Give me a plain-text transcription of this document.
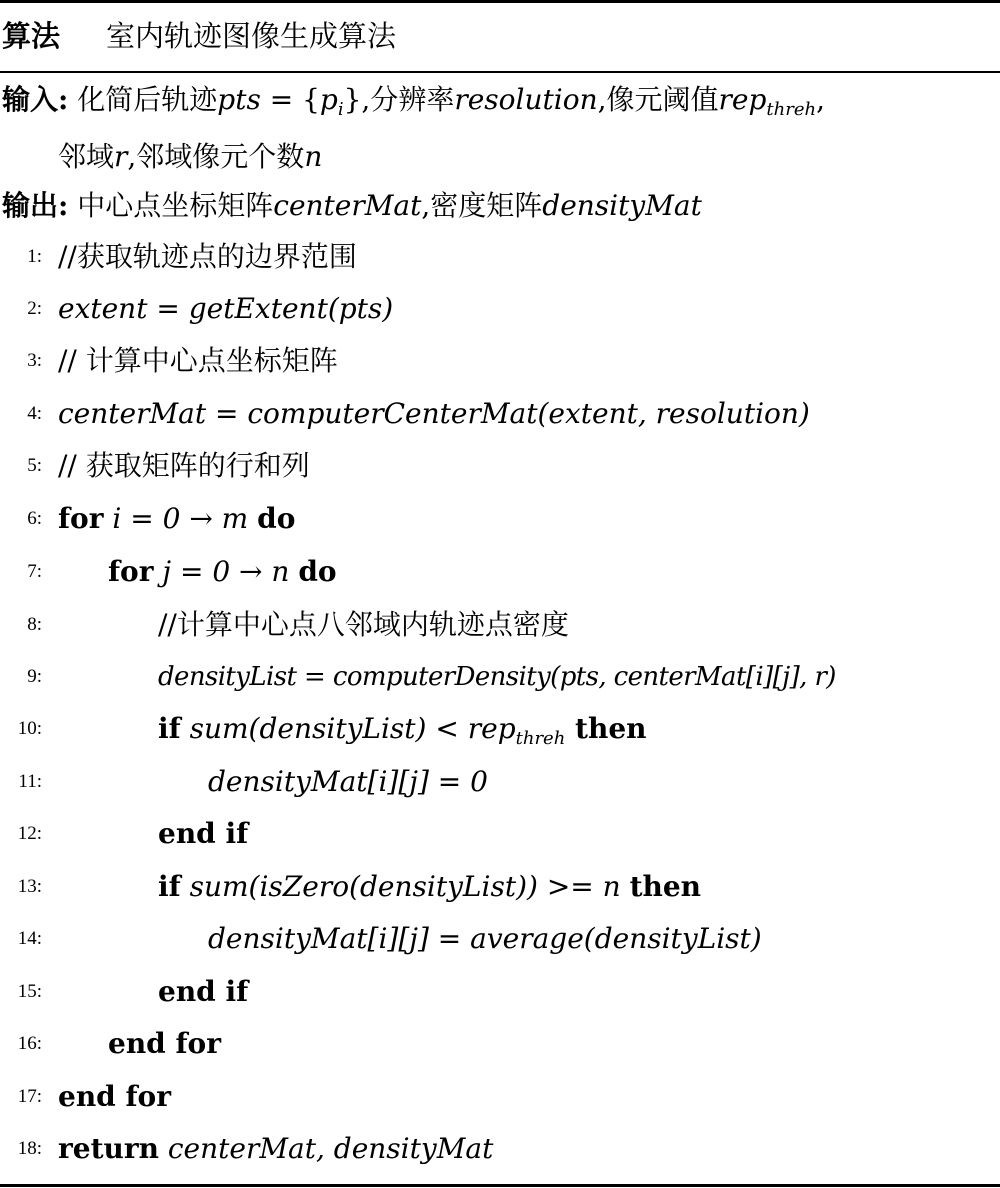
算法 室内轨迹图像生成算法
输入: 化简后轨迹pts = $\{p_i\}$,分辨率resolution,像元阈值rep$_{threh}$,
邻域r,邻域像元个数n
输出: 中心点坐标矩阵centerMat,密度矩阵densityMat
1: //获取轨迹点的边界范围
2: extent = getExtent(pts)
3: // 计算中心点坐标矩阵
4: centerMat = computerCenterMat(extent, resolution)
5: // 获取矩阵的行和列
6: for i = 0 → m do
7: for j = 0 → n do
8:	//计算中心点八邻域内轨迹点密度
9:	densityList = computerDensity(pts, centerMat[i][j], r)
10:	if sum(densityList) < rep$_{threh}$ then
11:	densityMat[i][j] = 0
12:	end if
13:	if sum(isZero(densityList)) >= n then
14:	densityMat[i][j] = average(densityList)
15:	end if
16: end for
17: end for
18: return centerMat, densityMat
